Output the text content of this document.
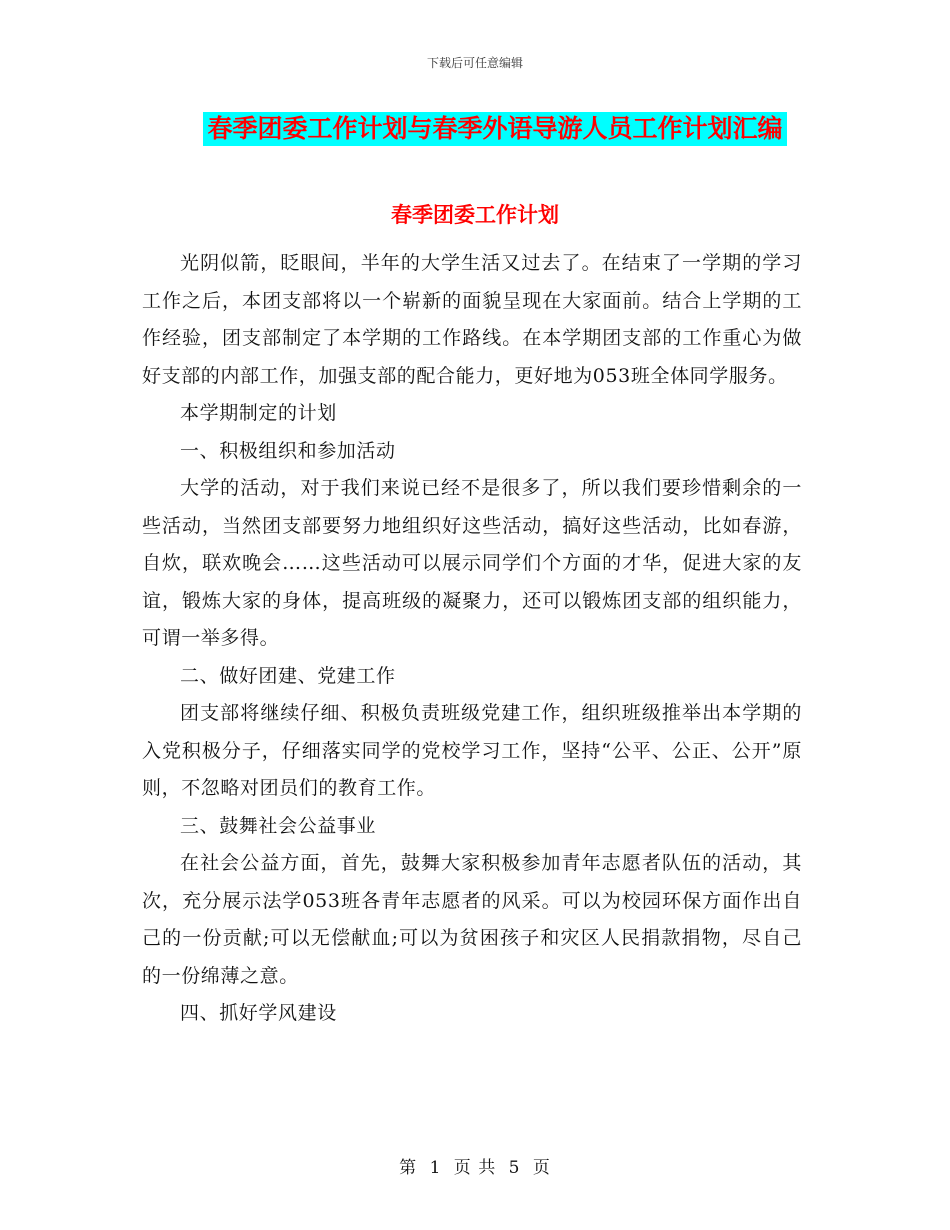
下载后可任意编辑
春季团委工作计划与春季外语导游人员工作计划汇编
春季团委工作计划

光阴似箭，眨眼间，半年的大学生活又过去了。在结束了一学期的学习工作之后，本团支部将以一个崭新的面貌呈现在大家面前。结合上学期的工作经验，团支部制定了本学期的工作路线。在本学期团支部的工作重心为做好支部的内部工作，加强支部的配合能力，更好地为053班全体同学服务。

本学期制定的计划

一、积极组织和参加活动

大学的活动，对于我们来说已经不是很多了，所以我们要珍惜剩余的一些活动，当然团支部要努力地组织好这些活动，搞好这些活动，比如春游，自炊，联欢晚会……这些活动可以展示同学们个方面的才华，促进大家的友谊，锻炼大家的身体，提高班级的凝聚力，还可以锻炼团支部的组织能力，可谓一举多得。

二、做好团建、党建工作

团支部将继续仔细、积极负责班级党建工作，组织班级推举出本学期的入党积极分子，仔细落实同学的党校学习工作，坚持“公平、公正、公开”原则，不忽略对团员们的教育工作。

三、鼓舞社会公益事业

在社会公益方面，首先，鼓舞大家积极参加青年志愿者队伍的活动，其次，充分展示法学053班各青年志愿者的风采。可以为校园环保方面作出自己的一份贡献;可以无偿献血;可以为贫困孩子和灾区人民捐款捐物，尽自己的一份绵薄之意。

四、抓好学风建设

第 1 页 共 5 页
